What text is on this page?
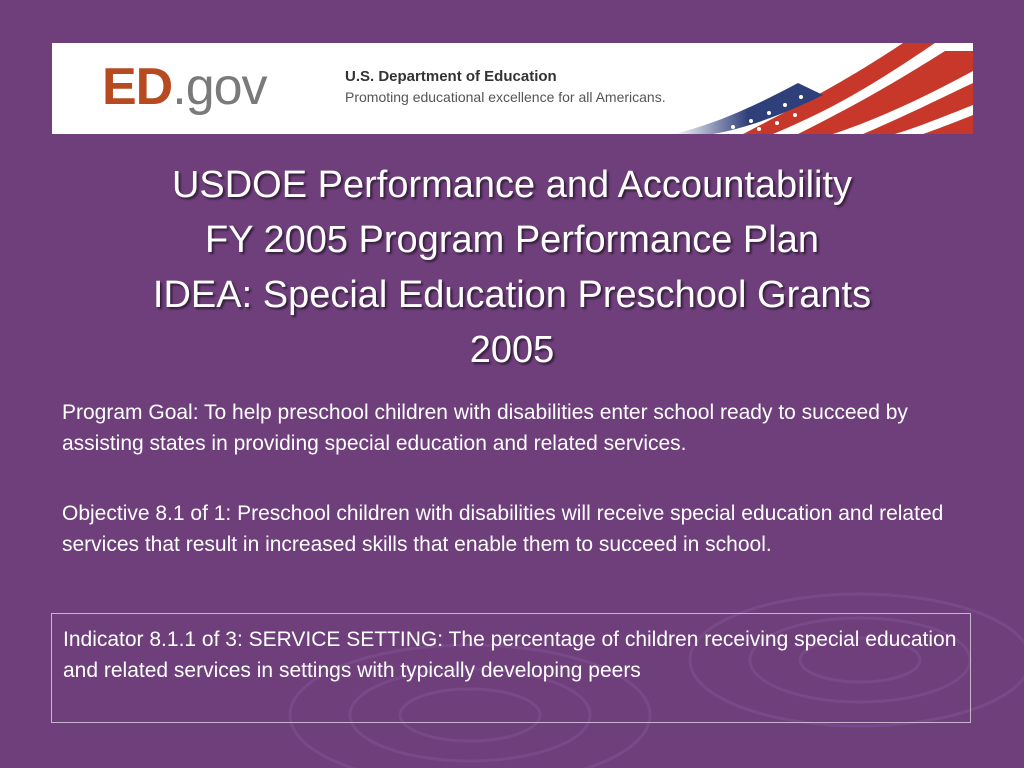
ED.gov	U.S. Department of Education
Promoting educational excellence for all Americans.
USDOE Performance and Accountability
FY 2005 Program Performance Plan
IDEA: Special Education Preschool Grants
2005
Program Goal: To help preschool children with disabilities enter school ready to succeed by assisting states in providing special education and related services.
Objective 8.1 of 1: Preschool children with disabilities will receive special education and related services that result in increased skills that enable them to succeed in school.
Indicator 8.1.1 of 3: SERVICE SETTING: The percentage of children receiving special education and related services in settings with typically developing peers
